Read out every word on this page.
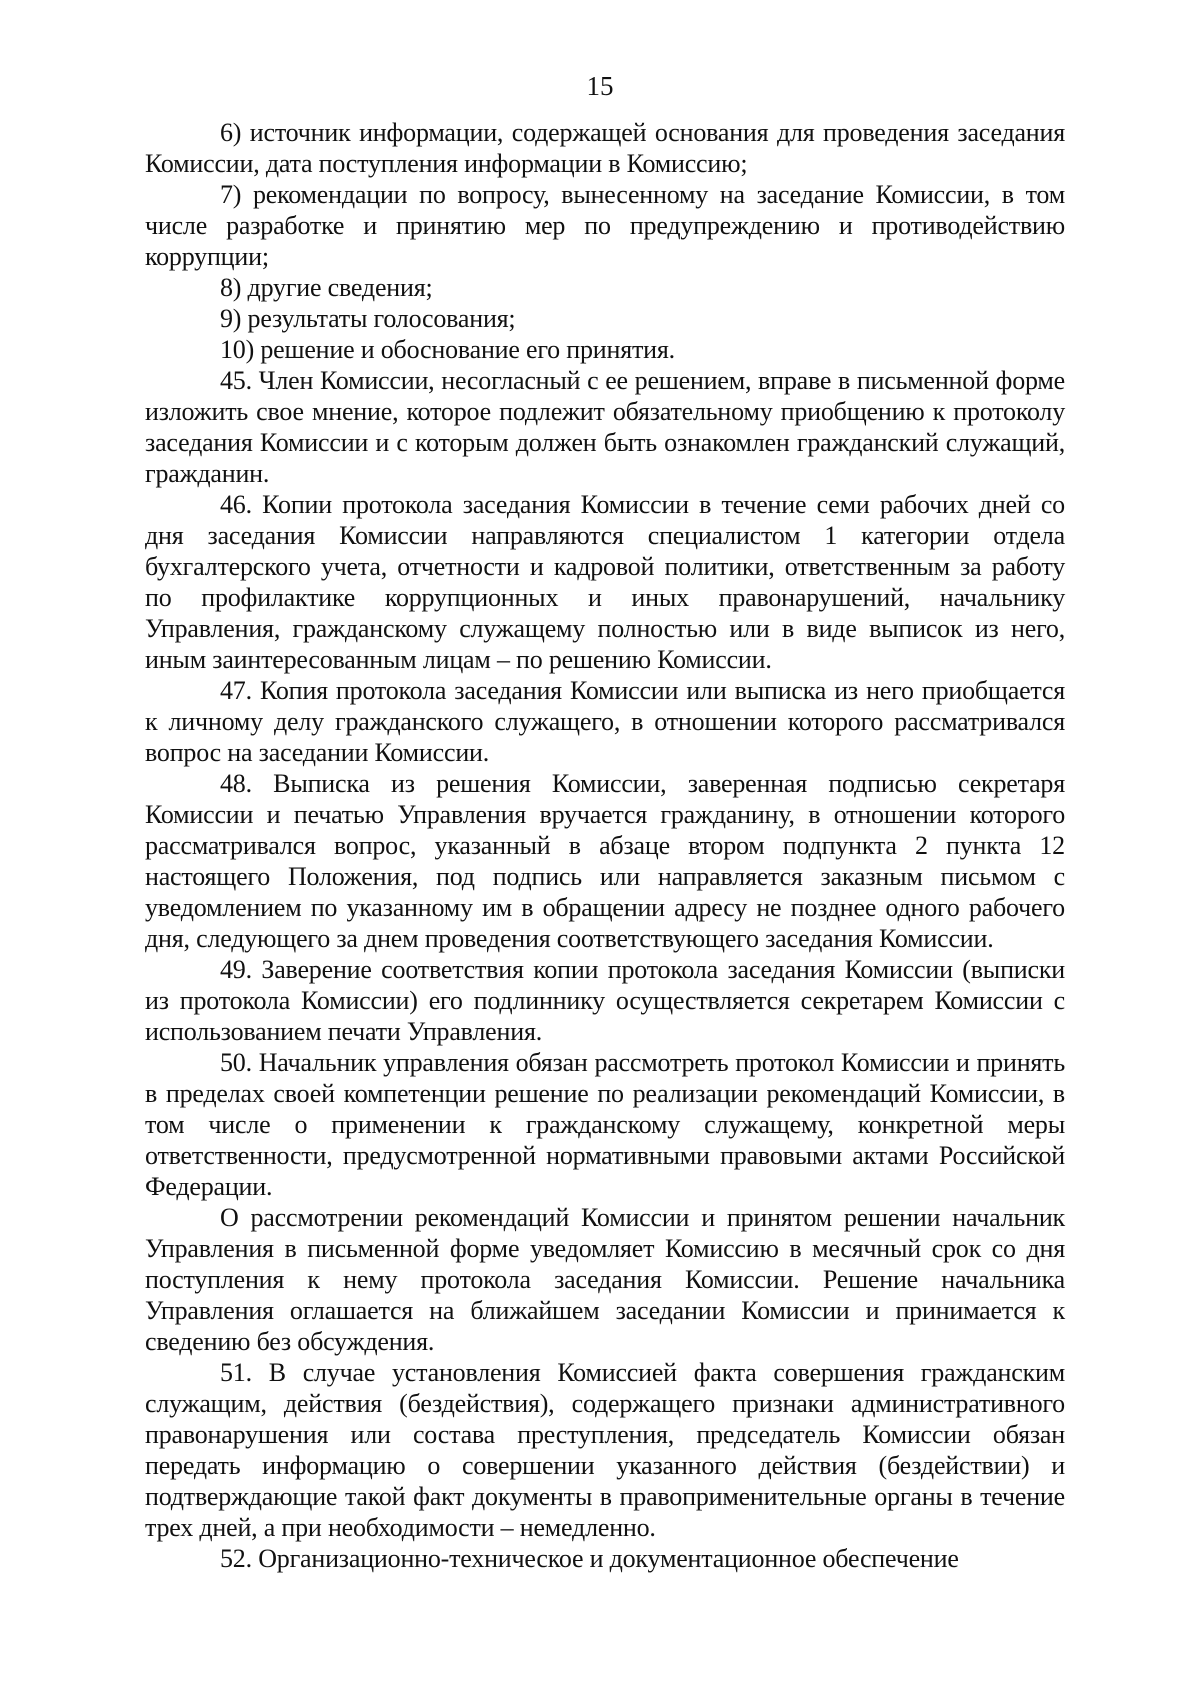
15

6) источник информации, содержащей основания для проведения заседания Комиссии, дата поступления информации в Комиссию;

7) рекомендации по вопросу, вынесенному на заседание Комиссии, в том числе разработке и принятию мер по предупреждению и противодействию коррупции;

8) другие сведения;

9) результаты голосования;

10) решение и обоснование его принятия.

45. Член Комиссии, несогласный с ее решением, вправе в письменной форме изложить свое мнение, которое подлежит обязательному приобщению к протоколу заседания Комиссии и с которым должен быть ознакомлен гражданский служащий, гражданин.

46. Копии протокола заседания Комиссии в течение семи рабочих дней со дня заседания Комиссии направляются специалистом 1 категории отдела бухгалтерского учета, отчетности и кадровой политики, ответственным за работу по профилактике коррупционных и иных правонарушений, начальнику Управления, гражданскому служащему полностью или в виде выписок из него, иным заинтересованным лицам – по решению Комиссии.

47. Копия протокола заседания Комиссии или выписка из него приобщается к личному делу гражданского служащего, в отношении которого рассматривался вопрос на заседании Комиссии.

48. Выписка из решения Комиссии, заверенная подписью секретаря Комиссии и печатью Управления вручается гражданину, в отношении которого рассматривался вопрос, указанный в абзаце втором подпункта 2 пункта 12 настоящего Положения, под подпись или направляется заказным письмом с уведомлением по указанному им в обращении адресу не позднее одного рабочего дня, следующего за днем проведения соответствующего заседания Комиссии.

49. Заверение соответствия копии протокола заседания Комиссии (выписки из протокола Комиссии) его подлиннику осуществляется секретарем Комиссии с использованием печати Управления.

50. Начальник управления обязан рассмотреть протокол Комиссии и принять в пределах своей компетенции решение по реализации рекомендаций Комиссии, в том числе о применении к гражданскому служащему, конкретной меры ответственности, предусмотренной нормативными правовыми актами Российской Федерации.

О рассмотрении рекомендаций Комиссии и принятом решении начальник Управления в письменной форме уведомляет Комиссию в месячный срок со дня поступления к нему протокола заседания Комиссии. Решение начальника Управления оглашается на ближайшем заседании Комиссии и принимается к сведению без обсуждения.

51. В случае установления Комиссией факта совершения гражданским служащим, действия (бездействия), содержащего признаки административного правонарушения или состава преступления, председатель Комиссии обязан передать информацию о совершении указанного действия (бездействии) и подтверждающие такой факт документы в правоприменительные органы в течение трех дней, а при необходимости – немедленно.

52. Организационно-техническое и документационное обеспечение
